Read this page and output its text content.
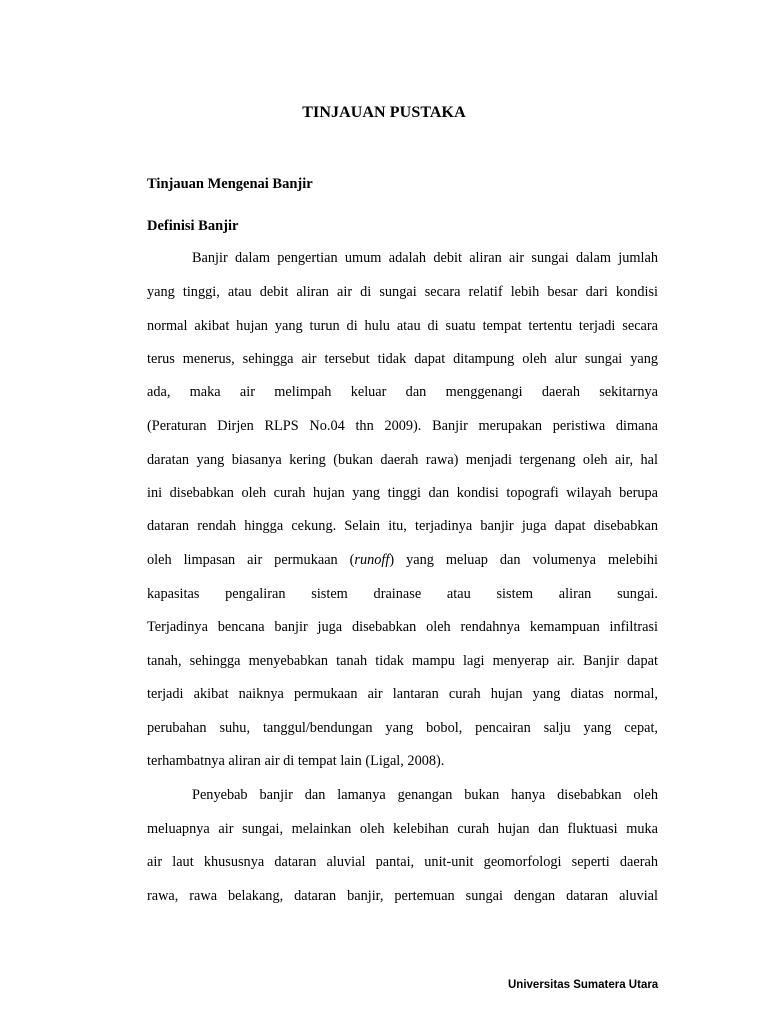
TINJAUAN PUSTAKA
Tinjauan Mengenai Banjir
Definisi Banjir
Banjir dalam pengertian umum adalah debit aliran air sungai dalam jumlah
yang tinggi, atau debit aliran air di sungai secara relatif lebih besar dari kondisi
normal akibat hujan yang turun di hulu atau di suatu tempat tertentu terjadi secara
terus menerus, sehingga air tersebut tidak dapat ditampung oleh alur sungai yang
ada, maka air melimpah keluar dan menggenangi daerah sekitarnya
(Peraturan Dirjen RLPS No.04 thn 2009). Banjir merupakan peristiwa dimana
daratan yang biasanya kering (bukan daerah rawa) menjadi tergenang oleh air, hal
ini disebabkan oleh curah hujan yang tinggi dan kondisi topografi wilayah berupa
dataran rendah hingga cekung. Selain itu, terjadinya banjir juga dapat disebabkan
oleh limpasan air permukaan (runoff) yang meluap dan volumenya melebihi
kapasitas pengaliran sistem drainase atau sistem aliran sungai.
Terjadinya bencana banjir juga disebabkan oleh rendahnya kemampuan infiltrasi
tanah, sehingga menyebabkan tanah tidak mampu lagi menyerap air. Banjir dapat
terjadi akibat naiknya permukaan air lantaran curah hujan yang diatas normal,
perubahan suhu, tanggul/bendungan yang bobol, pencairan salju yang cepat,
terhambatnya aliran air di tempat lain (Ligal, 2008).
Penyebab banjir dan lamanya genangan bukan hanya disebabkan oleh
meluapnya air sungai, melainkan oleh kelebihan curah hujan dan fluktuasi muka
air laut khususnya dataran aluvial pantai, unit-unit geomorfologi seperti daerah
rawa, rawa belakang, dataran banjir, pertemuan sungai dengan dataran aluvial
Universitas Sumatera Utara
